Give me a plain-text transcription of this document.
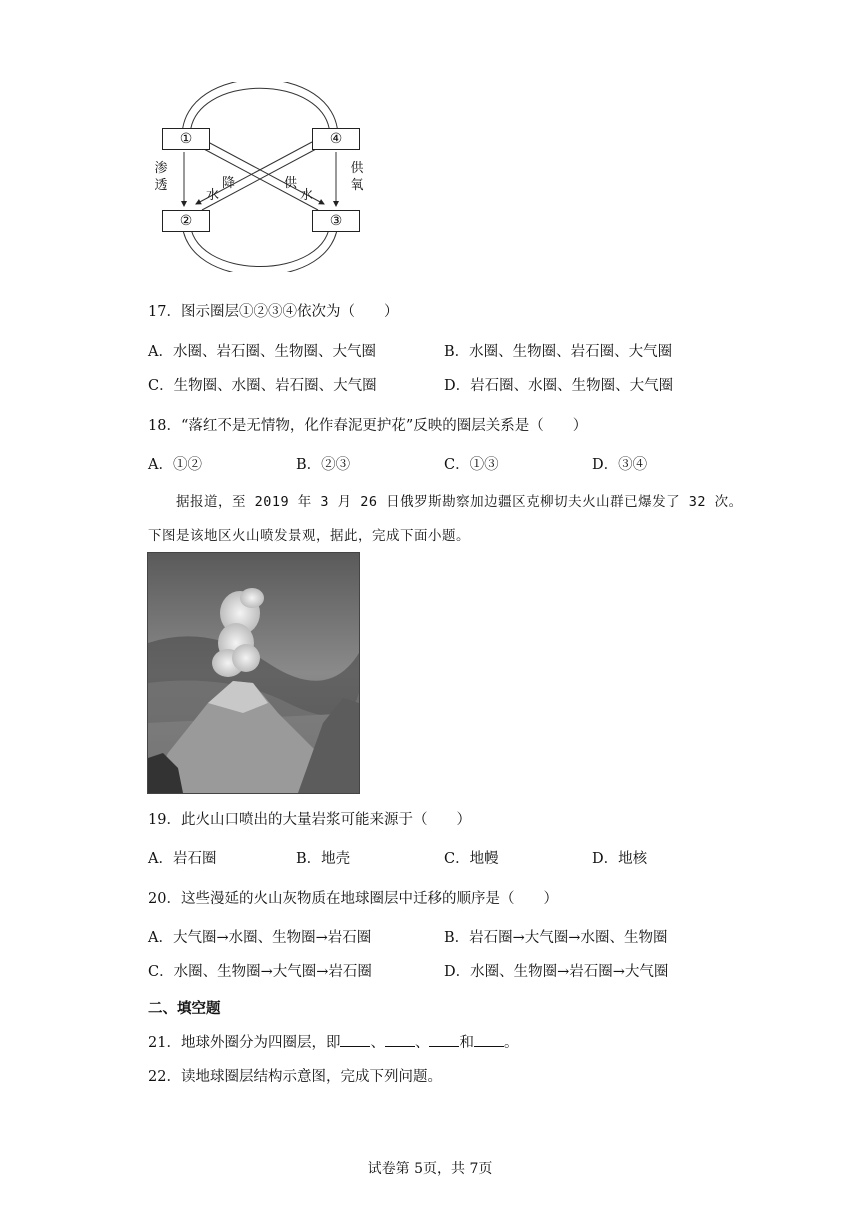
①	④
②	③
渗
透
供
氧
水
降	供
水
17．图示圈层①②③④依次为（　　）
A．水圈、岩石圈、生物圈、大气圈	B．水圈、生物圈、岩石圈、大气圈
C．生物圈、水圈、岩石圈、大气圈	D．岩石圈、水圈、生物圈、大气圈
18．“落红不是无情物，化作春泥更护花”反映的圈层关系是（　　）
A．①②	B．②③	C．①③	D．③④
据报道，至 2019 年 3 月 26 日俄罗斯勘察加边疆区克柳切夫火山群已爆发了 32 次。
下图是该地区火山喷发景观，据此，完成下面小题。
19．此火山口喷出的大量岩浆可能来源于（　　）
A．岩石圈	B．地壳	C．地幔	D．地核
20．这些漫延的火山灰物质在地球圈层中迁移的顺序是（　　）
A．大气圈→水圈、生物圈→岩石圈	B．岩石圈→大气圈→水圈、生物圈
C．水圈、生物圈→大气圈→岩石圈	D．水圈、生物圈→岩石圈→大气圈
二、填空题
21．地球外圈分为四圈层，即 、 、 和 。
22．读地球圈层结构示意图，完成下列问题。
试卷第 5页，共 7页
